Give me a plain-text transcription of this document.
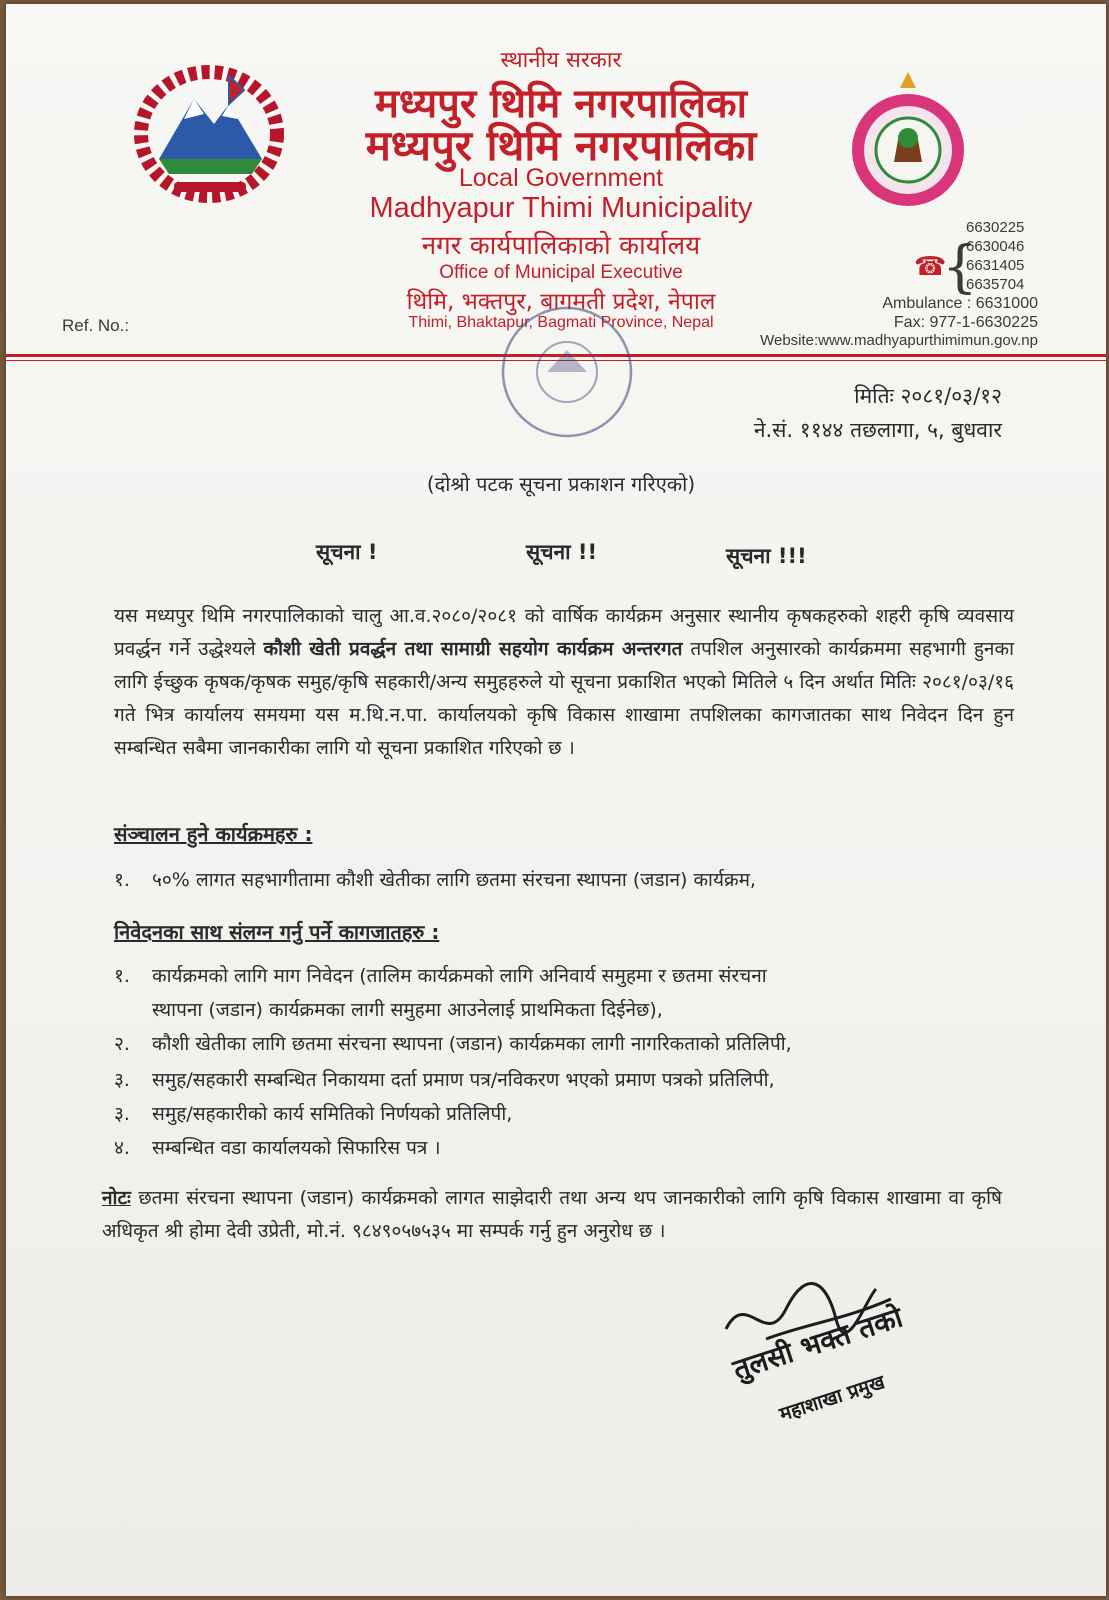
स्थानीय सरकार
मध्यपुर थिमि नगरपालिका
मध्यपुर थिमि नगरपालिका
Local Government
Madhyapur Thimi Municipality
नगर कार्यपालिकाको कार्यालय
Office of Municipal Executive
थिमि, भक्तपुर, बागमती प्रदेश, नेपाल
Thimi, Bhaktapur, Bagmati Province, Nepal
Ref. No.:
☎
{
6630225
6630046
6631405
6635704
Ambulance : 6631000
Fax: 977-1-6630225
Website:www.madhyapurthimimun.gov.np
मितिः २०८१/०३/१२
ने.सं. ११४४ तछलागा, ५, बुधवार
(दोश्रो पटक सूचना प्रकाशन गरिएको)
सूचना !	सूचना !!	सूचना !!!
यस मध्यपुर थिमि नगरपालिकाको चालु आ.व.२०८०/२०८१ को वार्षिक कार्यक्रम अनुसार स्थानीय कृषकहरुको शहरी कृषि व्यवसाय प्रवर्द्धन गर्ने उद्धेश्यले कौशी खेती प्रवर्द्धन तथा सामाग्री सहयोग कार्यक्रम अन्तरगत तपशिल अनुसारको कार्यक्रममा सहभागी हुनका लागि ईच्छुक कृषक/कृषक समुह/कृषि सहकारी/अन्य समुहहरुले यो सूचना प्रकाशित भएको मितिले ५ दिन अर्थात मितिः २०८१/०३/१६ गते भित्र कार्यालय समयमा यस म.थि.न.पा. कार्यालयको कृषि विकास शाखामा तपशिलका कागजातका साथ निवेदन दिन हुन सम्बन्धित सबैमा जानकारीका लागि यो सूचना प्रकाशित गरिएको छ ।
संञ्चालन हुने कार्यक्रमहरु :
१. ५०% लागत सहभागीतामा कौशी खेतीका लागि छतमा संरचना स्थापना (जडान) कार्यक्रम,
निवेदनका साथ संलग्न गर्नु पर्ने कागजातहरु :
१. कार्यक्रमको लागि माग निवेदन (तालिम कार्यक्रमको लागि अनिवार्य समुहमा र छतमा संरचना
स्थापना (जडान) कार्यक्रमका लागी समुहमा आउनेलाई प्राथमिकता दिईनेछ),
२. कौशी खेतीका लागि छतमा संरचना स्थापना (जडान) कार्यक्रमका लागी नागरिकताको प्रतिलिपी,
३. समुह/सहकारी सम्बन्धित निकायमा दर्ता प्रमाण पत्र/नविकरण भएको प्रमाण पत्रको प्रतिलिपी,
३. समुह/सहकारीको कार्य समितिको निर्णयको प्रतिलिपी,
४. सम्बन्धित वडा कार्यालयको सिफारिस पत्र ।
नोटः छतमा संरचना स्थापना (जडान) कार्यक्रमको लागत साझेदारी तथा अन्य थप जानकारीको लागि कृषि विकास शाखामा वा कृषि अधिकृत श्री होमा देवी उप्रेती, मो.नं. ९८४९०५७५३५ मा सम्पर्क गर्नु हुन अनुरोध छ ।
तुलसी भक्त तको
महाशाखा प्रमुख
